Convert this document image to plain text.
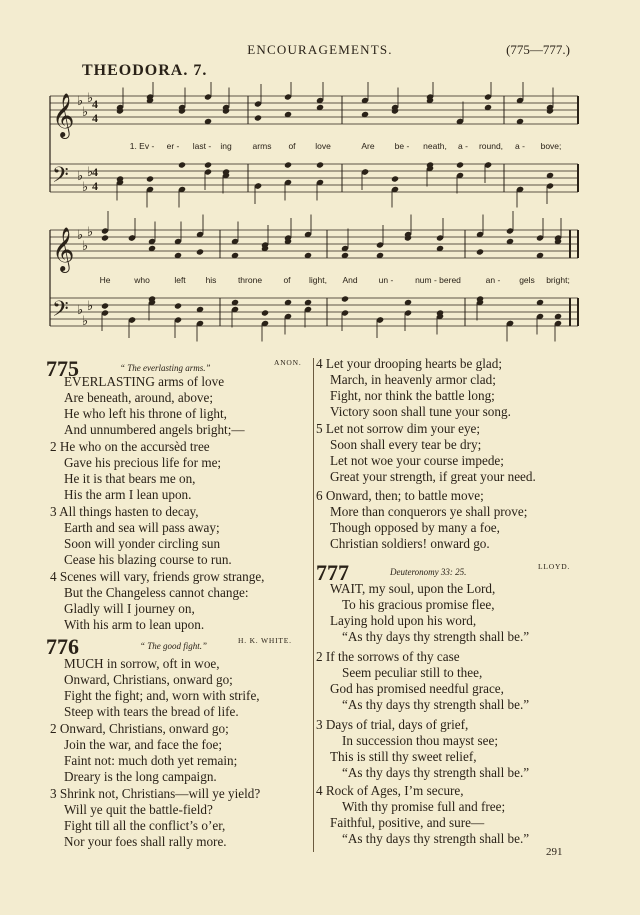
ENCOURAGEMENTS.	(775—777.)
THEODORA. 7.
𝄞 ♭
♭
♭
𝄢 ♭
♭
♭
𝄞 ♭
♭
♭
𝄢 ♭
♭
♭
4
4
4
4
291
1. Ev - er - last - ing arms of love	Are be - neath, a - round, a - bove;
He	who	left his	throne	of light, And un -	num - bered	an - gels bright;
775	“ The everlasting arms.”
ANON.
EVERLASTING arms of love
Are beneath, around, above;
He who left his throne of light,
And unnumbered angels bright;—
2 He who on the accursèd tree
Gave his precious life for me;
He it is that bears me on,
His the arm I lean upon.
3 All things hasten to decay,
Earth and sea will pass away;
Soon will yonder circling sun
Cease his blazing course to run.
4 Scenes will vary, friends grow strange,
But the Changeless cannot change:
Gladly will I journey on,
With his arm to lean upon.
776	“ The good fight.”
H. K. WHITE.
MUCH in sorrow, oft in woe,
Onward, Christians, onward go;
Fight the fight; and, worn with strife,
Steep with tears the bread of life.
2 Onward, Christians, onward go;
Join the war, and face the foe;
Faint not: much doth yet remain;
Dreary is the long campaign.
3 Shrink not, Christians—will ye yield?
Will ye quit the battle-field?
Fight till all the conflict’s o’er,
Nor your foes shall rally more.
4 Let your drooping hearts be glad;
March, in heavenly armor clad;
Fight, nor think the battle long;
Victory soon shall tune your song.
5 Let not sorrow dim your eye;
Soon shall every tear be dry;
Let not woe your course impede;
Great your strength, if great your need.
6 Onward, then; to battle move;
More than conquerors ye shall prove;
Though opposed by many a foe,
Christian soldiers! onward go.
777	Deuteronomy 33: 25.
LLOYD.
WAIT, my soul, upon the Lord,
To his gracious promise flee,
Laying hold upon his word,
“As thy days thy strength shall be.”
2 If the sorrows of thy case
Seem peculiar still to thee,
God has promised needful grace,
“As thy days thy strength shall be.”
3 Days of trial, days of grief,
In succession thou mayst see;
This is still thy sweet relief,
“As thy days thy strength shall be.”
4 Rock of Ages, I’m secure,
With thy promise full and free;
Faithful, positive, and sure—
“As thy days thy strength shall be.”
